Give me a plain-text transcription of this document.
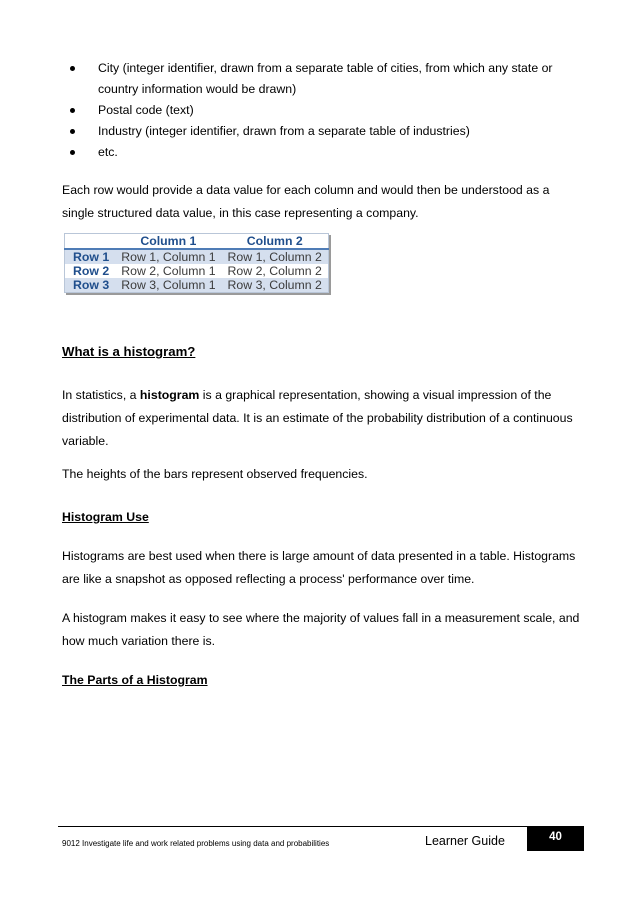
City (integer identifier, drawn from a separate table of cities, from which any state or country information would be drawn)
Postal code (text)
Industry (integer identifier, drawn from a separate table of industries)
etc.

Each row would provide a data value for each column and would then be understood as a single structured data value, in this case representing a company.

	Column 1	Column 2
Row 1	Row 1, Column 1	Row 1, Column 2
Row 2	Row 2, Column 1	Row 2, Column 2
Row 3	Row 3, Column 1	Row 3, Column 2
What is a histogram?

In statistics, a histogram is a graphical representation, showing a visual impression of the distribution of experimental data. It is an estimate of the probability distribution of a continuous variable.

The heights of the bars represent observed frequencies.

Histogram Use

Histograms are best used when there is large amount of data presented in a table. Histograms are like a snapshot as opposed reflecting a process' performance over time.

A histogram makes it easy to see where the majority of values fall in a measurement scale, and how much variation there is.

The Parts of a Histogram
9012 Investigate life and work related problems using data and probabilities	Learner Guide	40
